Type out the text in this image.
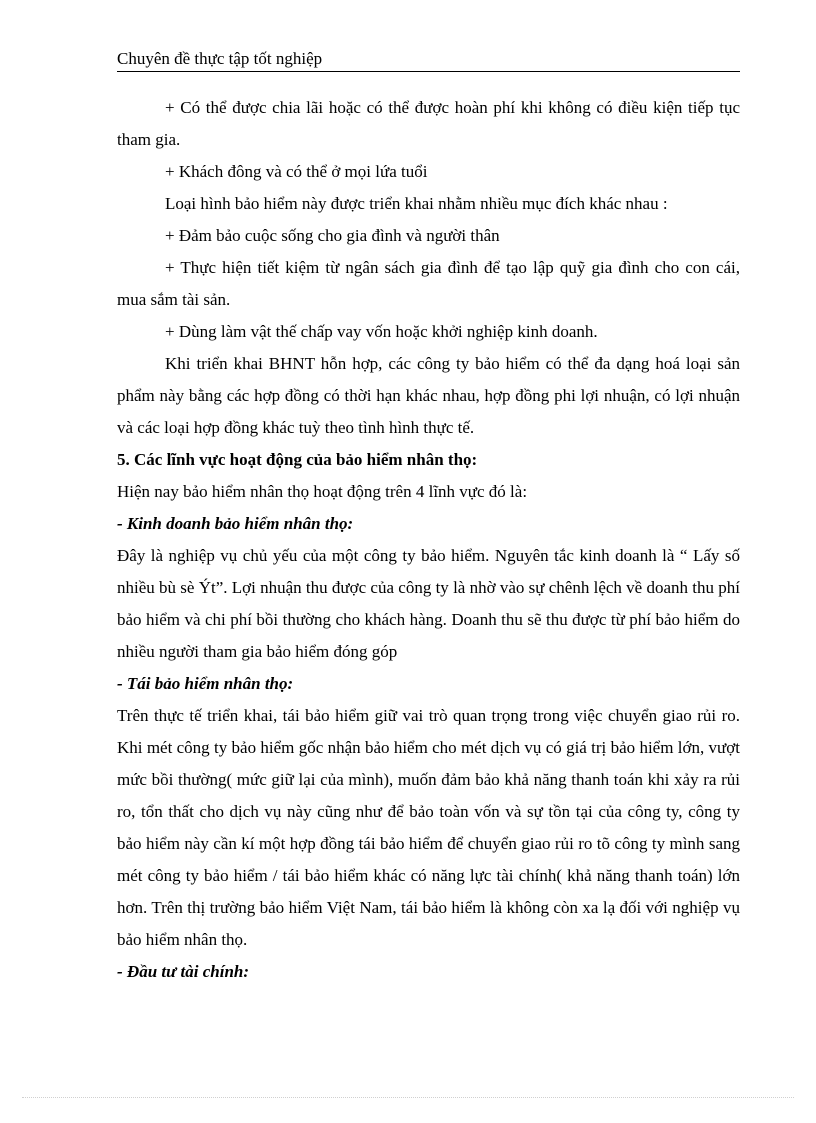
Chuyên đề thực tập tốt nghiệp

+ Có thể được chia lãi hoặc có thể được hoàn phí khi không có điều kiện tiếp tục tham gia.

+ Khách đông và có thể ở mọi lứa tuổi

Loại hình bảo hiểm này được triển khai nhằm nhiều mục đích khác nhau :

+ Đảm bảo cuộc sống cho gia đình và người thân

+ Thực hiện tiết kiệm từ ngân sách gia đình để tạo lập quỹ gia đình cho con cái, mua sắm tài sản.

+ Dùng làm vật thế chấp vay vốn hoặc khởi nghiệp kinh doanh.

Khi triển khai BHNT hỗn hợp, các công ty bảo hiểm có thể đa dạng hoá loại sản phẩm này bằng các hợp đồng có thời hạn khác nhau, hợp đồng phi lợi nhuận, có lợi nhuận và các loại hợp đồng khác tuỳ theo tình hình thực tế.

5. Các lĩnh vực hoạt động của bảo hiểm nhân thọ:

Hiện nay bảo hiểm nhân thọ hoạt động trên 4 lĩnh vực đó là:

- Kinh doanh bảo hiểm nhân thọ:

Đây là nghiệp vụ chủ yếu của một công ty bảo hiểm. Nguyên tắc kinh doanh là “ Lấy số nhiều bù sè Ýt”. Lợi nhuận thu được của công ty là nhờ vào sự chênh lệch về doanh thu phí bảo hiểm và chi phí bồi thường cho khách hàng. Doanh thu sẽ thu được từ phí bảo hiểm do nhiều người tham gia bảo hiểm đóng góp

- Tái bảo hiểm nhân thọ:

Trên thực tế triển khai, tái bảo hiểm giữ vai trò quan trọng trong việc chuyển giao rủi ro. Khi mét công ty bảo hiểm gốc nhận bảo hiểm cho mét dịch vụ có giá trị bảo hiểm lớn, vượt mức bồi thường( mức giữ lại của mình), muốn đảm bảo khả năng thanh toán khi xảy ra rủi ro, tổn thất cho dịch vụ này cũng như để bảo toàn vốn và sự tồn tại của công ty, công ty bảo hiểm này cần kí một hợp đồng tái bảo hiểm để chuyển giao rủi ro tõ công ty mình sang mét công ty bảo hiểm / tái bảo hiểm khác có năng lực tài chính( khả năng thanh toán) lớn hơn. Trên thị trường bảo hiểm Việt Nam, tái bảo hiểm là không còn xa lạ đối với nghiệp vụ bảo hiểm nhân thọ.

- Đầu tư tài chính:
